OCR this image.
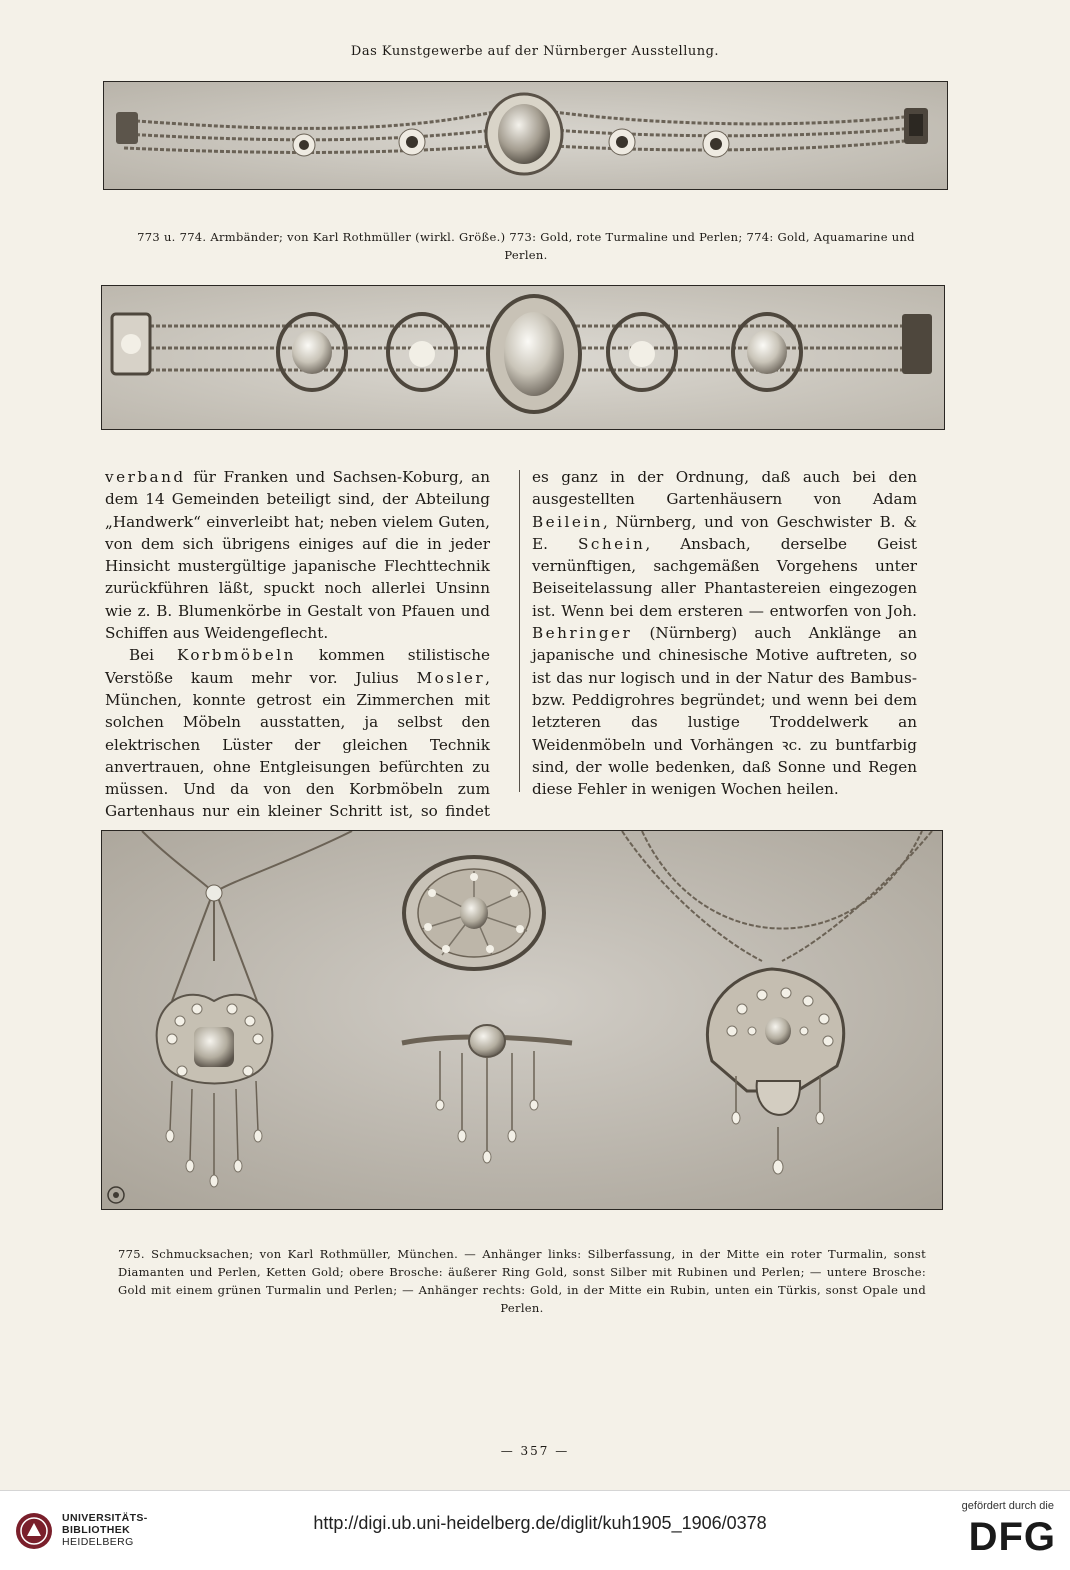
Das Kunstgewerbe auf der Nürnberger Ausstellung.
773 u. 774. Armbänder; von Karl Rothmüller (wirkl. Größe.) 773: Gold, rote Turmaline und Perlen; 774: Gold, Aquamarine und Perlen.

verband für Franken und Sachsen-Koburg, an dem 14 Gemeinden beteiligt sind, der Abteilung „Handwerk“ einverleibt hat; neben vielem Guten, von dem sich übrigens einiges auf die in jeder Hinsicht mustergültige japanische Flechttechnik zurückführen läßt, spuckt noch allerlei Unsinn wie z. B. Blumenkörbe in Gestalt von Pfauen und Schiffen aus Weidengeflecht.

Bei Korbmöbeln kommen stilistische Verstöße kaum mehr vor. Julius Mosler, München, konnte getrost ein Zimmerchen mit solchen Möbeln ausstatten, ja selbst den elektrischen Lüster der gleichen Technik anvertrauen, ohne Entgleisungen befürchten zu müssen. Und da von den Korbmöbeln zum Gartenhaus nur ein kleiner Schritt ist, so findet

es ganz in der Ordnung, daß auch bei den ausgestellten Gartenhäusern von Adam Beilein, Nürnberg, und von Geschwister B. & E. Schein, Ansbach, derselbe Geist vernünftigen, sachgemäßen Vorgehens unter Beiseitelassung aller Phantastereien eingezogen ist. Wenn bei dem ersteren — entworfen von Joh. Behringer (Nürnberg) auch Anklänge an japanische und chinesische Motive auftreten, so ist das nur logisch und in der Natur des Bambus- bzw. Peddigrohres begründet; und wenn bei dem letzteren das lustige Troddelwerk an Weidenmöbeln und Vorhängen ꝛc. zu buntfarbig sind, der wolle bedenken, daß Sonne und Regen diese Fehler in wenigen Wochen heilen.

775. Schmucksachen; von Karl Rothmüller, München. — Anhänger links: Silberfassung, in der Mitte ein roter Turmalin, sonst Diamanten und Perlen, Ketten Gold; obere Brosche: äußerer Ring Gold, sonst Silber mit Rubinen und Perlen; — untere Brosche: Gold mit einem grünen Turmalin und Perlen; — Anhänger rechts: Gold, in der Mitte ein Rubin, unten ein Türkis, sonst Opale und Perlen.
— 357 —
UNIVERSITÄTS-
BIBLIOTHEK
HEIDELBERG
http://digi.ub.uni-heidelberg.de/diglit/kuh1905_1906/0378
gefördert durch die
DFG
